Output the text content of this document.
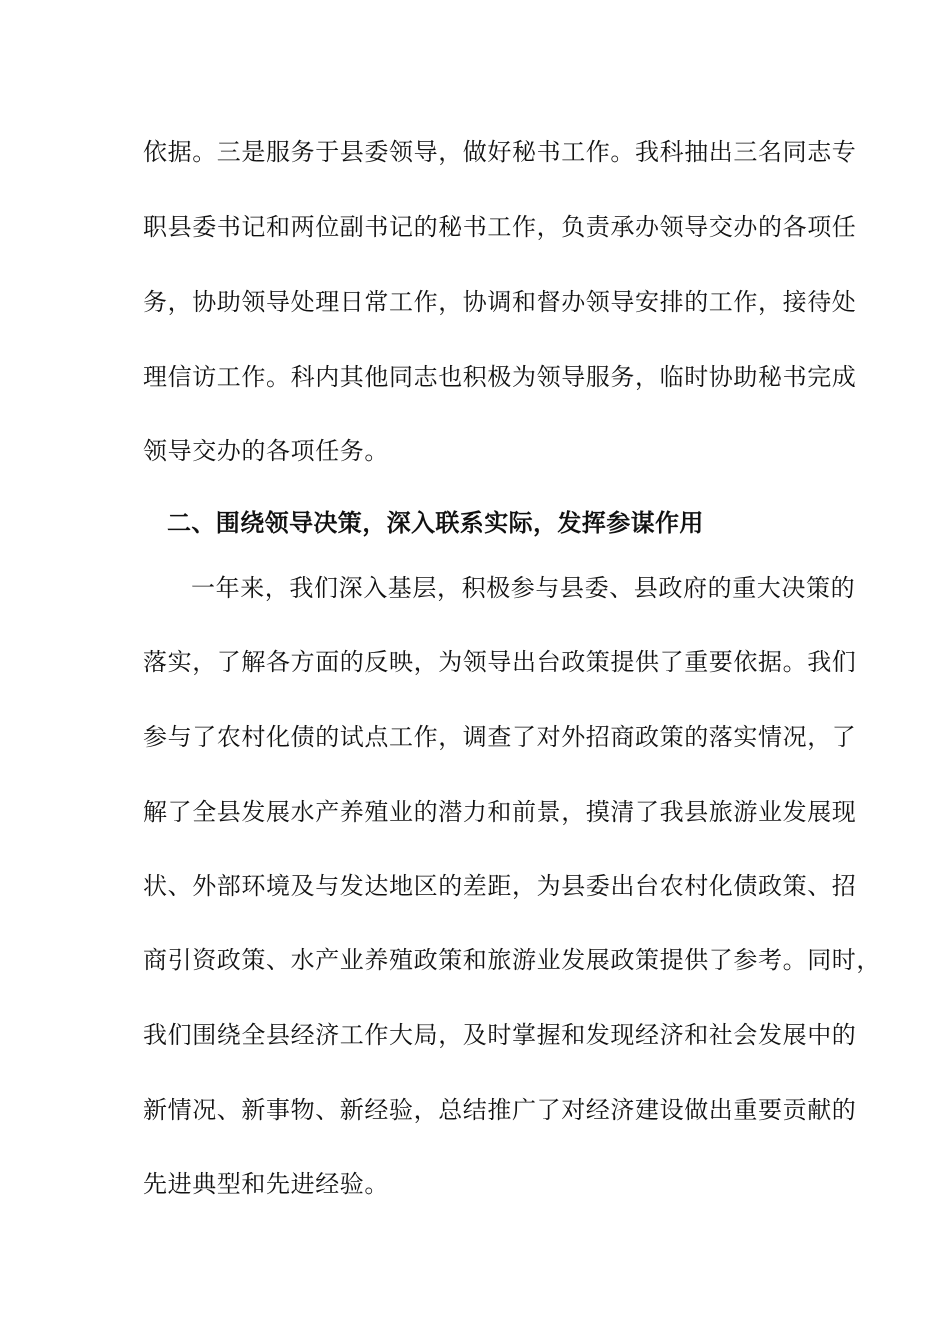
依据。三是服务于县委领导，做好秘书工作。我科抽出三名同志专
职县委书记和两位副书记的秘书工作，负责承办领导交办的各项任
务，协助领导处理日常工作，协调和督办领导安排的工作，接待处
理信访工作。科内其他同志也积极为领导服务，临时协助秘书完成
领导交办的各项任务。
二、围绕领导决策，深入联系实际，发挥参谋作用
一年来，我们深入基层，积极参与县委、县政府的重大决策的
落实，了解各方面的反映，为领导出台政策提供了重要依据。我们
参与了农村化债的试点工作，调查了对外招商政策的落实情况，了
解了全县发展水产养殖业的潜力和前景，摸清了我县旅游业发展现
状、外部环境及与发达地区的差距，为县委出台农村化债政策、招
商引资政策、水产业养殖政策和旅游业发展政策提供了参考。同时，
我们围绕全县经济工作大局，及时掌握和发现经济和社会发展中的
新情况、新事物、新经验，总结推广了对经济建设做出重要贡献的
先进典型和先进经验。
